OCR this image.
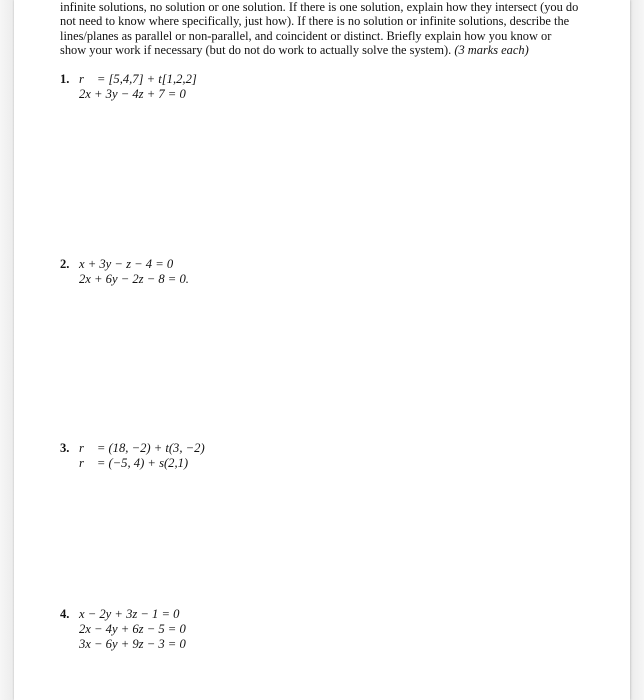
infinite solutions, no solution or one solution. If there is one solution, explain how they intersect (you do not need to know where specifically, just how). If there is no solution or infinite solutions, describe the lines/planes as parallel or non-parallel, and coincident or distinct. Briefly explain how you know or show your work if necessary (but do not do work to actually solve the system). (3 marks each)

1. r⃗ = [5,4,7] + t[1,2,2]
2x + 3y − 4z + 7 = 0
2. x + 3y − z − 4 = 0
2x + 6y − 2z − 8 = 0.
3. r⃗ = (18, −2) + t(3, −2)
r⃗ = (−5, 4) + s(2,1)
4. x − 2y + 3z − 1 = 0
2x − 4y + 6z − 5 = 0
3x − 6y + 9z − 3 = 0
